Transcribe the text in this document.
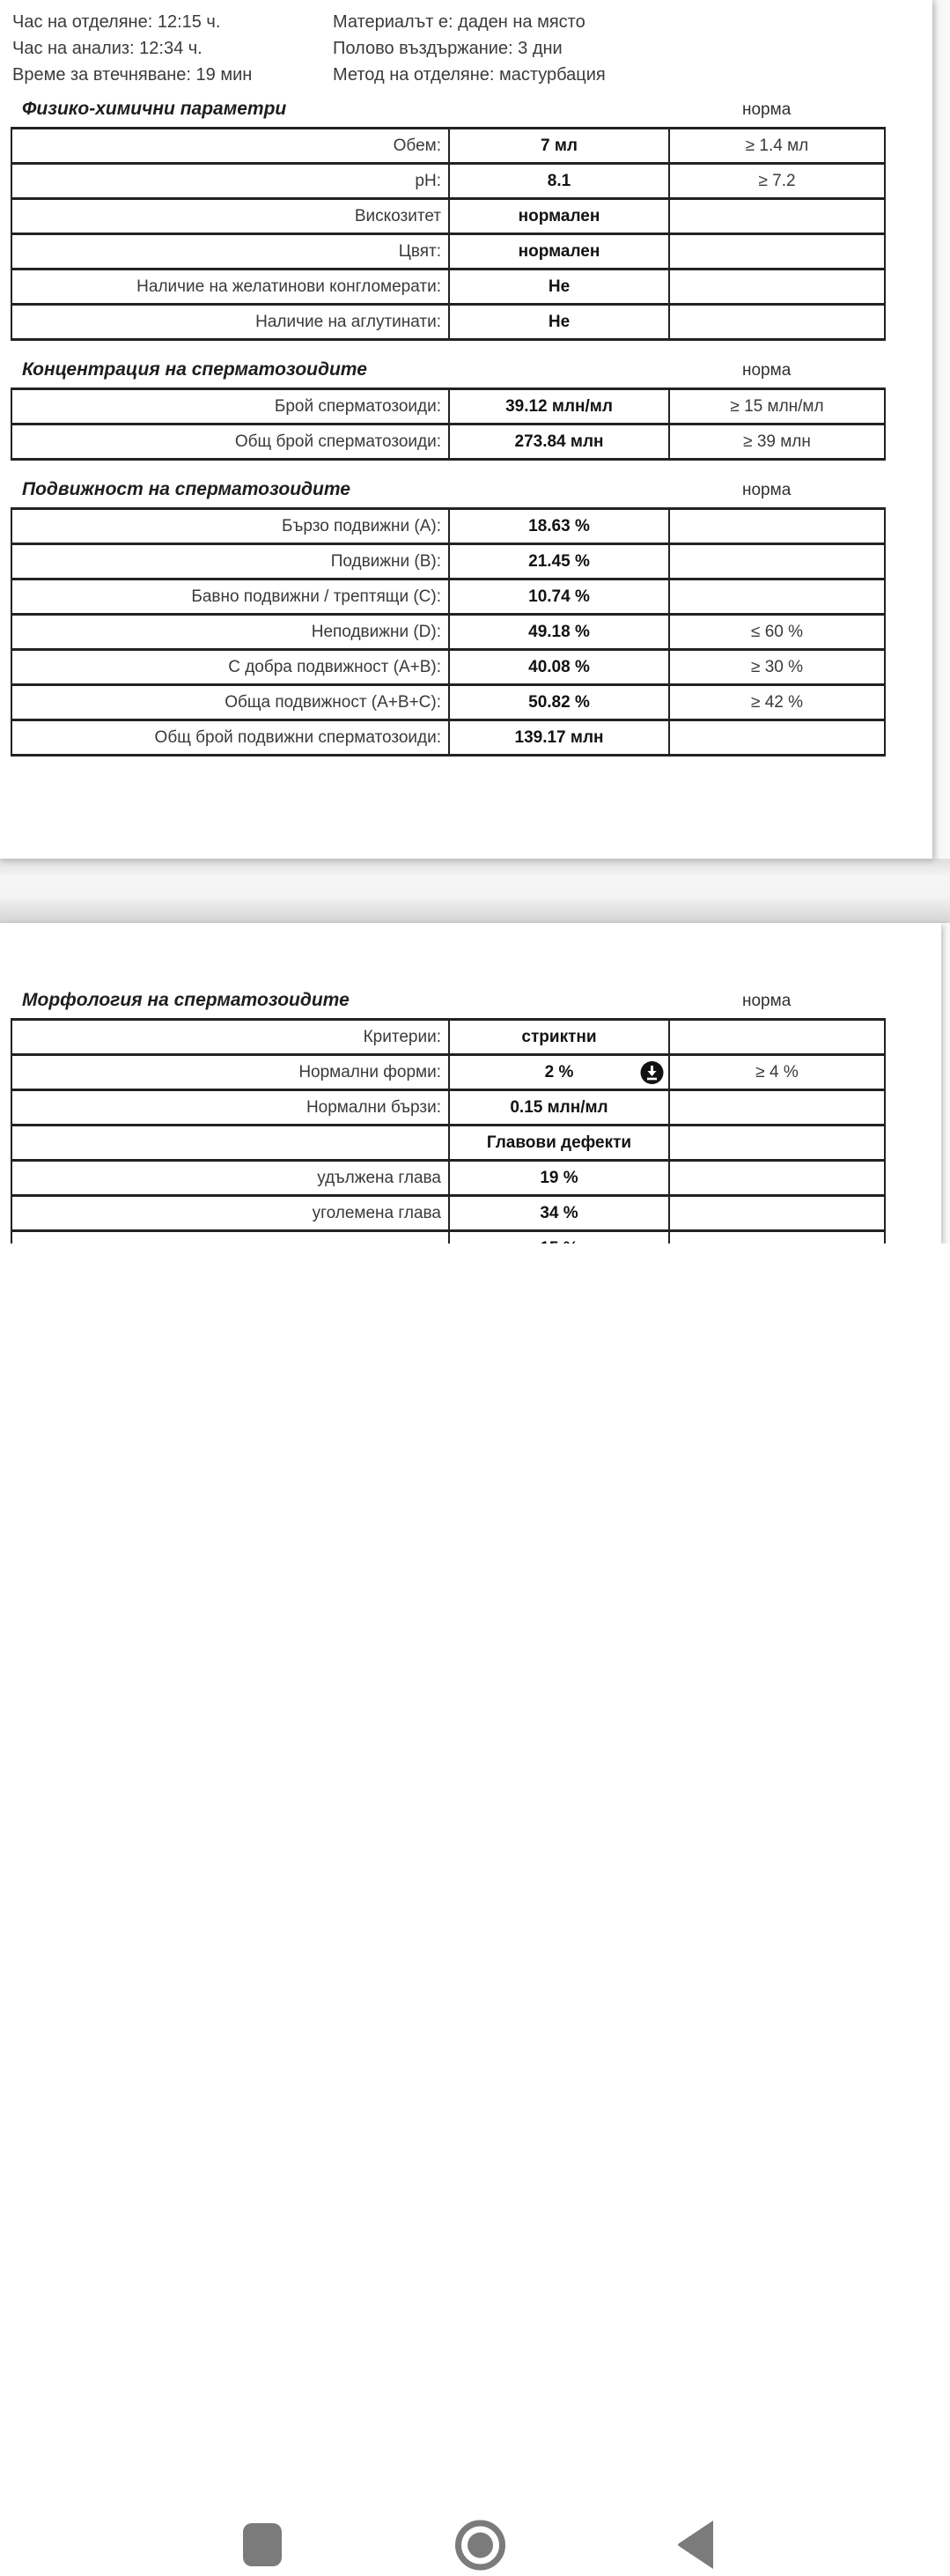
Час на отделяне: 12:15 ч.
Час на анализ: 12:34 ч.
Време за втечняване: 19 мин
Материалът е: даден на място
Полово въздържание: 3 дни
Метод на отделяне: мастурбация
Физико-химични параметри	норма
Обем:	7 мл	≥ 1.4 мл
pH:	8.1	≥ 7.2
Вискозитет	нормален	
Цвят:	нормален	
Наличие на желатинови конгломерати:	Не	
Наличие на аглутинати:	Не	
Концентрация на сперматозоидите	норма
Брой сперматозоиди:	39.12 млн/мл	≥ 15 млн/мл
Общ брой сперматозоиди:	273.84 млн	≥ 39 млн
Подвижност на сперматозоидите	норма
Бързо подвижни (А):	18.63 %	
Подвижни (В):	21.45 %	
Бавно подвижни / трептящи (С):	10.74 %	
Неподвижни (D):	49.18 %	≤ 60 %
С добра подвижност (А+В):	40.08 %	≥ 30 %
Обща подвижност (А+В+С):	50.82 %	≥ 42 %
Общ брой подвижни сперматозоиди:	139.17 млн	
Морфология на сперматозоидите	норма
Критерии:	стриктни	
Нормални форми:	2 %	≥ 4 %
Нормални бързи:	0.15 млн/мл	
	Главови дефекти	
удължена глава	19 %	
уголемена глава	34 %	
